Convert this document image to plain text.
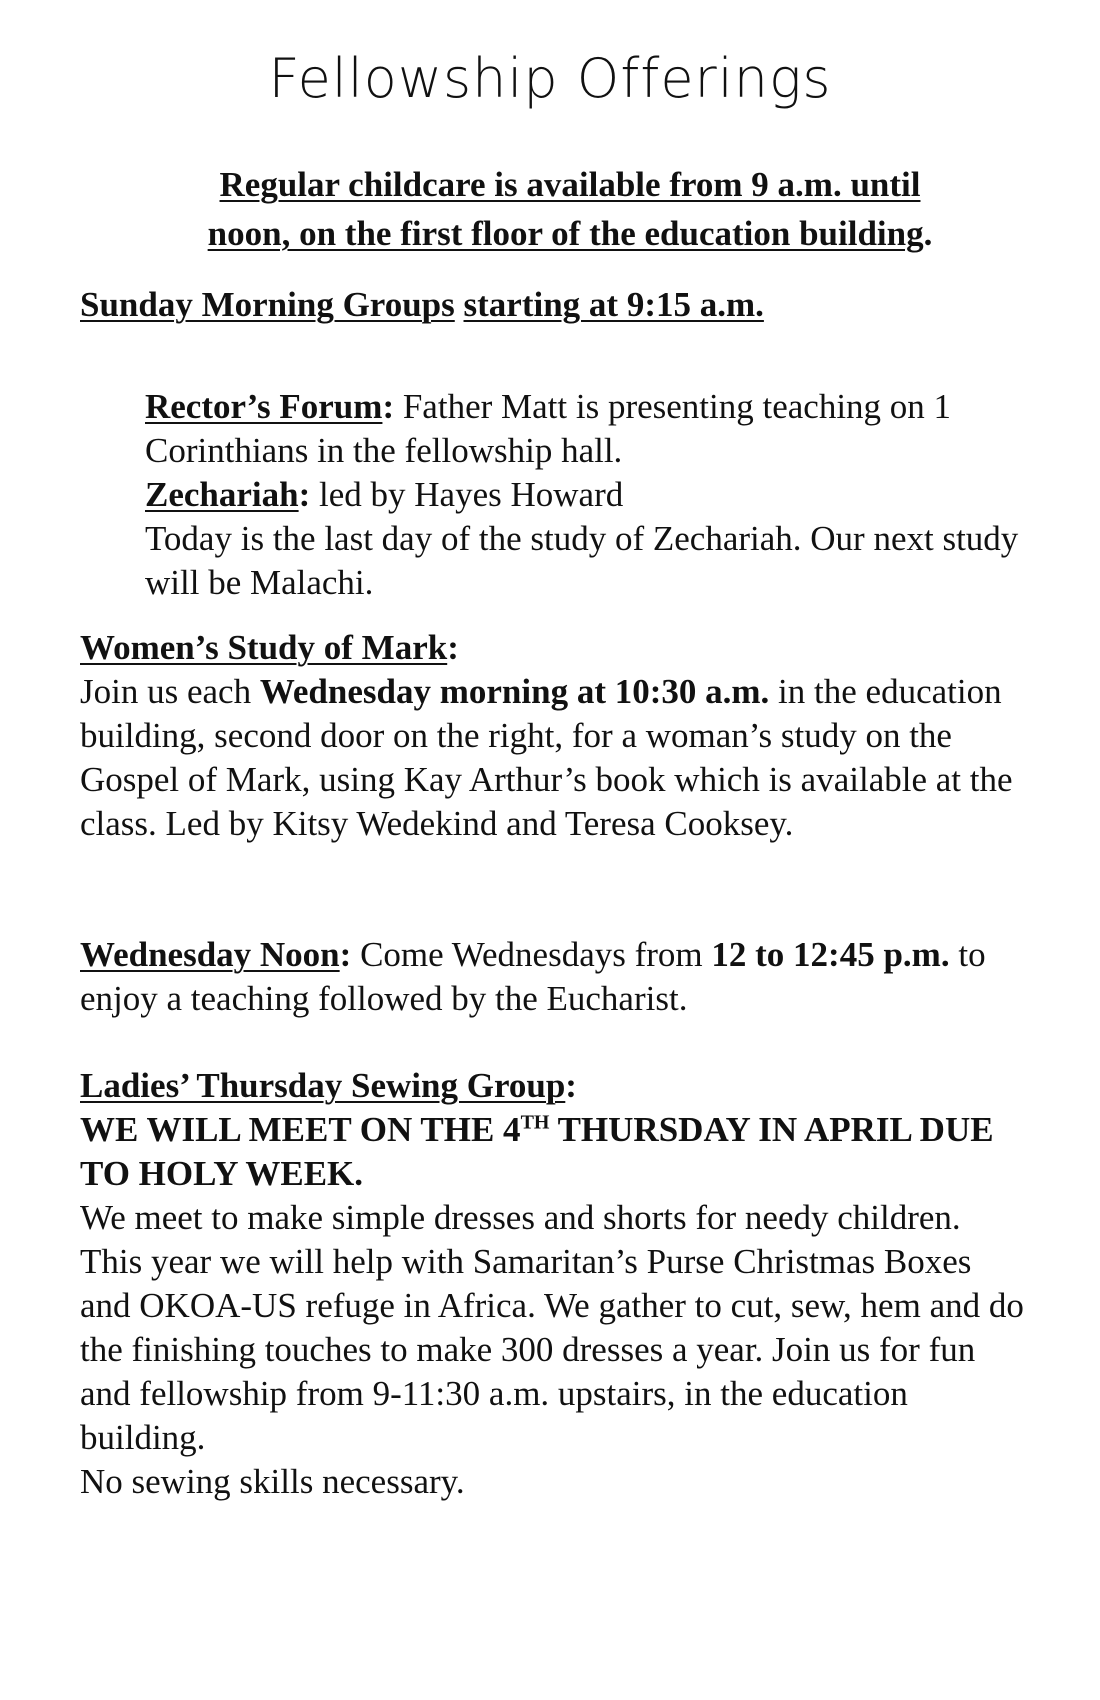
Fellowship Offerings

Regular childcare is available from 9 a.m. until
noon, on the first floor of the education building.

Sunday Morning Groups starting at 9:15 a.m.

Rector’s Forum: Father Matt is presenting teaching on 1 Corinthians in the fellowship hall.

Zechariah: led by Hayes Howard

Today is the last day of the study of Zechariah. Our next study will be Malachi.

Women’s Study of Mark:
Join us each Wednesday morning at 10:30 a.m. in the education building, second door on the right, for a woman’s study on the Gospel of Mark, using Kay Arthur’s book which is available at the class. Led by Kitsy Wedekind and Teresa Cooksey.

Wednesday Noon: Come Wednesdays from 12 to 12:45 p.m. to enjoy a teaching followed by the Eucharist.

Ladies’ Thursday Sewing Group:
WE WILL MEET ON THE 4TH THURSDAY IN APRIL DUE TO HOLY WEEK.
We meet to make simple dresses and shorts for needy children. This year we will help with Samaritan’s Purse Christmas Boxes and OKOA-US refuge in Africa. We gather to cut, sew, hem and do the finishing touches to make 300 dresses a year. Join us for fun and fellowship from 9-11:30 a.m. upstairs, in the education building.
No sewing skills necessary.
